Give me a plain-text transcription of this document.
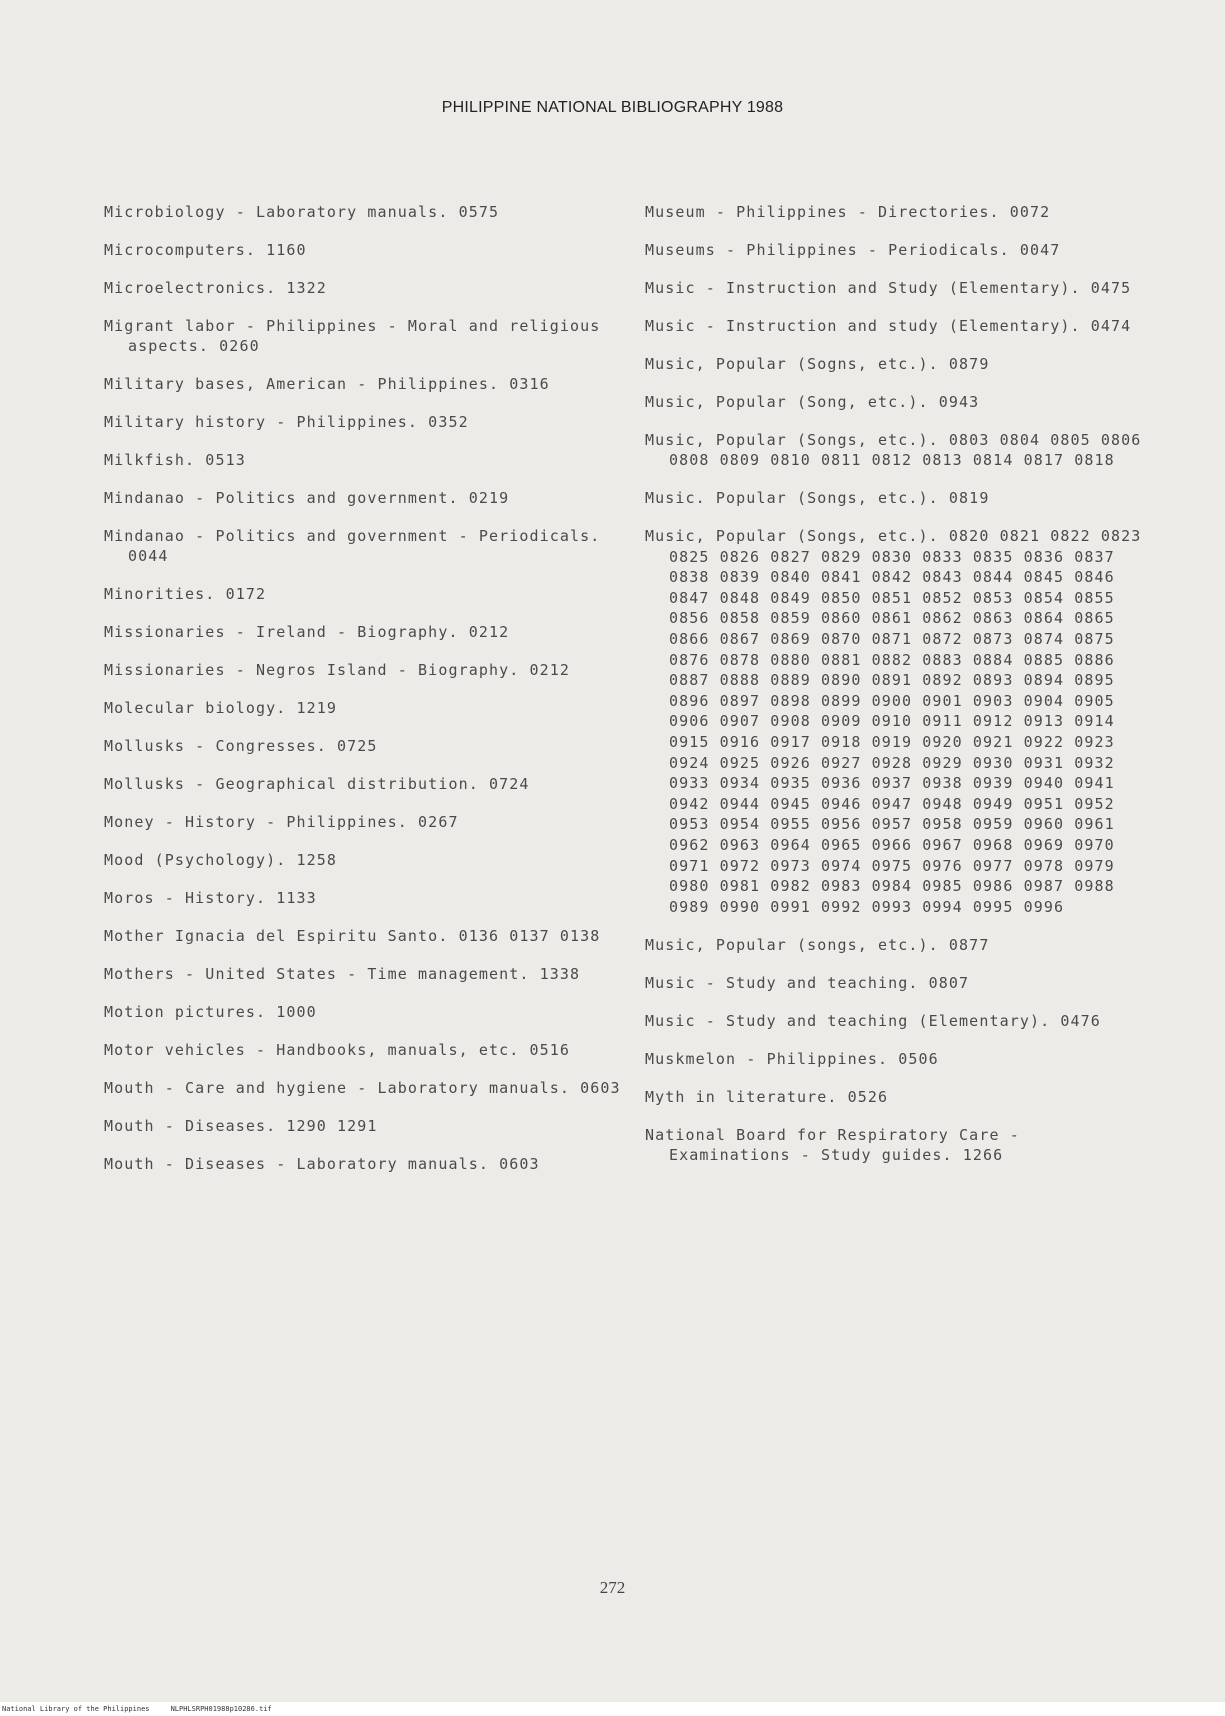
PHILIPPINE NATIONAL BIBLIOGRAPHY 1988

Microbiology - Laboratory manuals. 0575

Microcomputers. 1160

Microelectronics. 1322

Migrant labor - Philippines - Moral and religious aspects. 0260

Military bases, American - Philippines. 0316

Military history - Philippines. 0352

Milkfish. 0513

Mindanao - Politics and government. 0219

Mindanao - Politics and government - Periodicals. 0044

Minorities. 0172

Missionaries - Ireland - Biography. 0212

Missionaries - Negros Island - Biography. 0212

Molecular biology. 1219

Mollusks - Congresses. 0725

Mollusks - Geographical distribution. 0724

Money - History - Philippines. 0267

Mood (Psychology). 1258

Moros - History. 1133

Mother Ignacia del Espiritu Santo. 0136 0137 0138

Mothers - United States - Time management. 1338

Motion pictures. 1000

Motor vehicles - Handbooks, manuals, etc. 0516

Mouth - Care and hygiene - Laboratory manuals. 0603

Mouth - Diseases. 1290 1291

Mouth - Diseases - Laboratory manuals. 0603

Museum - Philippines - Directories. 0072

Museums - Philippines - Periodicals. 0047

Music - Instruction and Study (Elementary). 0475

Music - Instruction and study (Elementary). 0474

Music, Popular (Sogns, etc.). 0879

Music, Popular (Song, etc.). 0943

Music, Popular (Songs, etc.). 0803 0804 0805 0806 0808 0809 0810 0811 0812 0813 0814 0817 0818

Music. Popular (Songs, etc.). 0819

Music, Popular (Songs, etc.). 0820 0821 0822 0823 0825 0826 0827 0829 0830 0833 0835 0836 0837 0838 0839 0840 0841 0842 0843 0844 0845 0846 0847 0848 0849 0850 0851 0852 0853 0854 0855 0856 0858 0859 0860 0861 0862 0863 0864 0865 0866 0867 0869 0870 0871 0872 0873 0874 0875 0876 0878 0880 0881 0882 0883 0884 0885 0886 0887 0888 0889 0890 0891 0892 0893 0894 0895 0896 0897 0898 0899 0900 0901 0903 0904 0905 0906 0907 0908 0909 0910 0911 0912 0913 0914 0915 0916 0917 0918 0919 0920 0921 0922 0923 0924 0925 0926 0927 0928 0929 0930 0931 0932 0933 0934 0935 0936 0937 0938 0939 0940 0941 0942 0944 0945 0946 0947 0948 0949 0951 0952 0953 0954 0955 0956 0957 0958 0959 0960 0961 0962 0963 0964 0965 0966 0967 0968 0969 0970 0971 0972 0973 0974 0975 0976 0977 0978 0979 0980 0981 0982 0983 0984 0985 0986 0987 0988 0989 0990 0991 0992 0993 0994 0995 0996

Music, Popular (songs, etc.). 0877

Music - Study and teaching. 0807

Music - Study and teaching (Elementary). 0476

Muskmelon - Philippines. 0506

Myth in literature. 0526

National Board for Respiratory Care - Examinations - Study guides. 1266

272
National Library of the Philippines     NLPHLSRPH01988p10286.tif
